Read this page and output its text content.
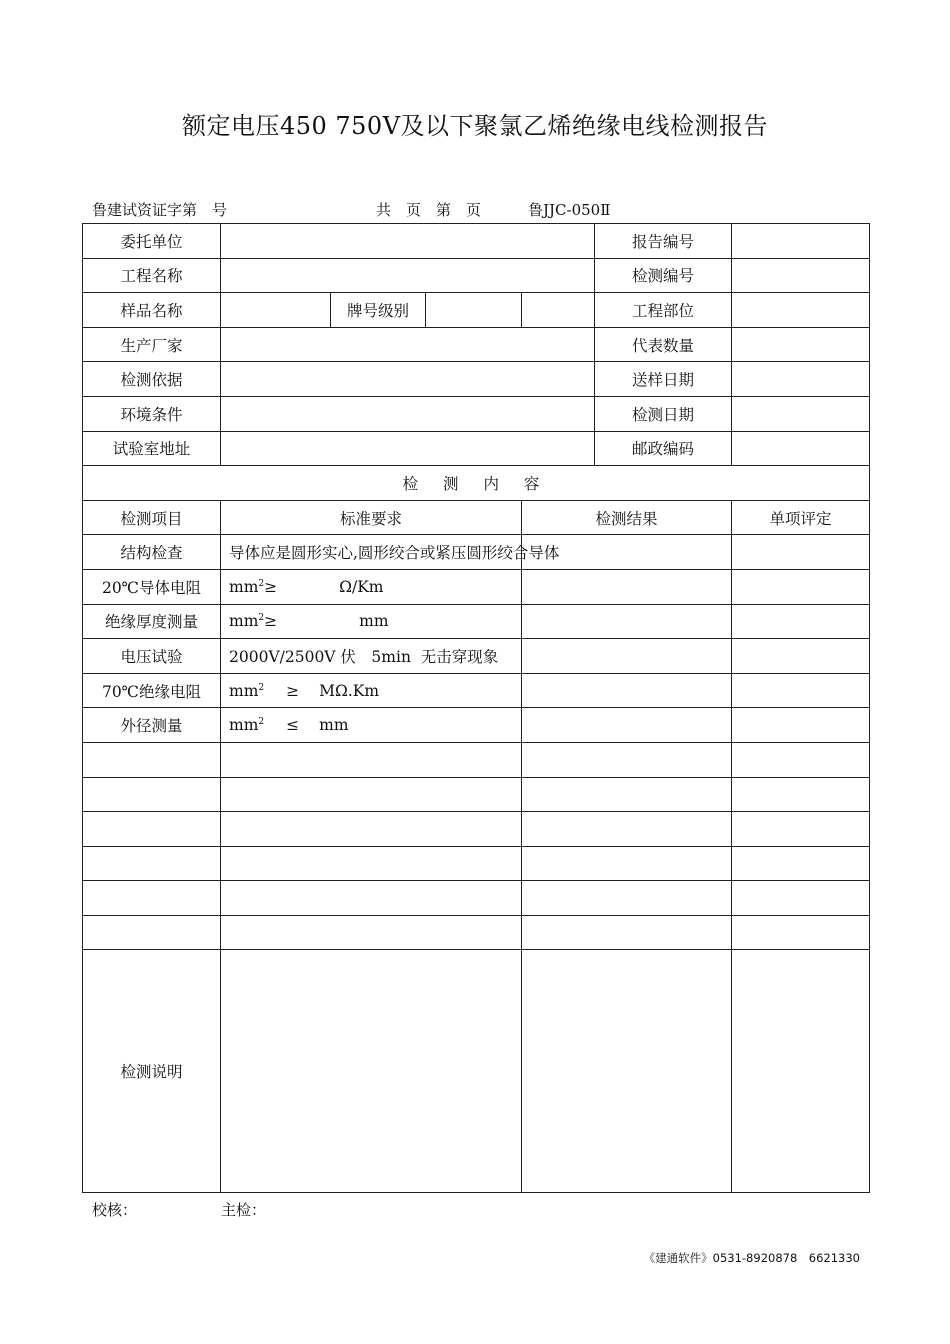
额定电压450 750V及以下聚氯乙烯绝缘电线检测报告
鲁建试资证字第　号	共　页　第　页	鲁JJC-050Ⅱ
委托单位					报告编号	
工程名称					检测编号	
样品名称		牌号级别			工程部位	
生产厂家					代表数量	
检测依据					送样日期	
环境条件					检测日期	
试验室地址					邮政编码	
检 测 内 容						
检测项目	标准要求			检测结果		单项评定
结构检查	导体应是圆形实心,圆形绞合或紧压圆形绞合导体					
20℃导体电阻	$mm^2\ge \Omega/Km$					
绝缘厚度测量	$mm^2\ge$ mm					
电压试验	2000V/2500V 伏　5min  无击穿现象					
70℃绝缘电阻	$mm^2 \ge M\Omega.Km$					
外径测量	$mm^2$ ≤ mm					

检测说明						
校核：	主检：
《建通软件》0531-8920878　6621330
